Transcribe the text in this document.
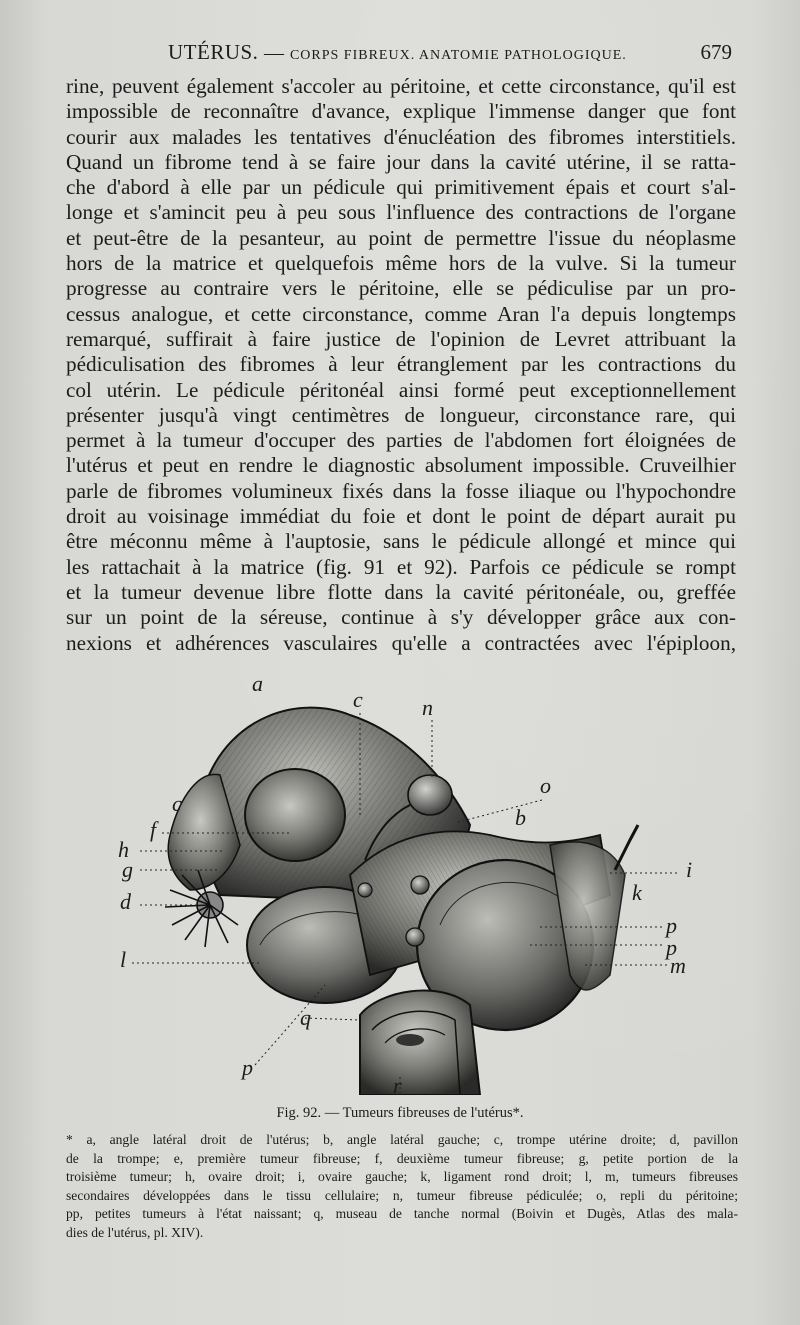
UTÉRUS. — CORPS FIBREUX. ANATOMIE PATHOLOGIQUE.	679
rine, peuvent également s'accoler au péritoine, et cette circonstance, qu'il est
impossible de reconnaître d'avance, explique l'immense danger que font
courir aux malades les tentatives d'énucléation des fibromes interstitiels.
Quand un fibrome tend à se faire jour dans la cavité utérine, il se ratta-
che d'abord à elle par un pédicule qui primitivement épais et court s'al-
longe et s'amincit peu à peu sous l'influence des contractions de l'organe
et peut-être de la pesanteur, au point de permettre l'issue du néoplasme
hors de la matrice et quelquefois même hors de la vulve. Si la tumeur
progresse au contraire vers le péritoine, elle se pédiculise par un pro-
cessus analogue, et cette circonstance, comme Aran l'a depuis longtemps
remarqué, suffirait à faire justice de l'opinion de Levret attribuant la
pédiculisation des fibromes à leur étranglement par les contractions du
col utérin. Le pédicule péritonéal ainsi formé peut exceptionnellement
présenter jusqu'à vingt centimètres de longueur, circonstance rare, qui
permet à la tumeur d'occuper des parties de l'abdomen fort éloignées de
l'utérus et peut en rendre le diagnostic absolument impossible. Cruveilhier
parle de fibromes volumineux fixés dans la fosse iliaque ou l'hypochondre
droit au voisinage immédiat du foie et dont le point de départ aurait pu
être méconnu même à l'auptosie, sans le pédicule allongé et mince qui
les rattachait à la matrice (fig. 91 et 92). Parfois ce pédicule se rompt
et la tumeur devenue libre flotte dans la cavité péritonéale, ou, greffée
sur un point de la séreuse, continue à s'y développer grâce aux con-
nexions et adhérences vasculaires qu'elle a contractées avec l'épiploon,
a
c	n
o
b
c
f
h
g
d
l
i
k
p
p
m
q
p
r
Fig. 92. — Tumeurs fibreuses de l'utérus*.
* a, angle latéral droit de l'utérus; b, angle latéral gauche; c, trompe utérine droite; d, pavillon
de la trompe; e, première tumeur fibreuse; f, deuxième tumeur fibreuse; g, petite portion de la
troisième tumeur; h, ovaire droit; i, ovaire gauche; k, ligament rond droit; l, m, tumeurs fibreuses
secondaires développées dans le tissu cellulaire; n, tumeur fibreuse pédiculée; o, repli du péritoine;
pp, petites tumeurs à l'état naissant; q, museau de tanche normal (Boivin et Dugès, Atlas des mala-
dies de l'utérus, pl. XIV).
